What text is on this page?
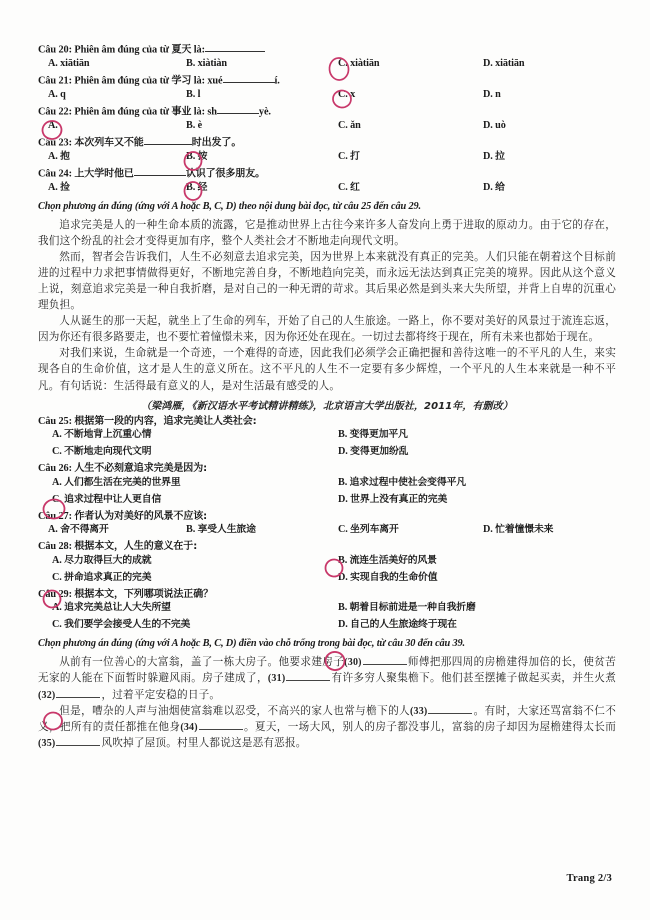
Câu 20: Phiên âm đúng của từ 夏天 là:
A. xiātiān	B. xiàtiàn	C. xiàtiān	D. xiātiān
Câu 21: Phiên âm đúng của từ 学习 là: xué	í.
A. q	B. l	C. x	D. n
Câu 22: Phiên âm đúng của từ 事业 là: sh	yè.
A.	B. è	C. ǎn	D. uò
Câu 23: 本次列车又不能	时出发了。
A. 抱	B. 按	C. 打	D. 拉
Câu 24: 上大学时他已	认识了很多朋友。
A. 捡	B. 经	C. 红	D. 给
Chọn phương án đúng (ứng với A hoặc B, C, D) theo nội dung bài đọc, từ câu 25 đến câu 29.

追求完美是人的一种生命本质的流露，它是推动世界上古往今来许多人奋发向上勇于进取的原动力。由于它的存在，我们这个纷乱的社会才变得更加有序，整个人类社会才不断地走向现代文明。

然而，智者会告诉我们，人生不必刻意去追求完美，因为世界上本来就没有真正的完美。人们只能在朝着这个目标前进的过程中力求把事情做得更好，不断地完善自身，不断地趋向完美，而永远无法达到真正完美的境界。因此从这个意义上说，刻意追求完美是一种自我折磨，是对自己的一种无谓的苛求。其后果必然是到头来大失所望，并背上自卑的沉重心理负担。

人从诞生的那一天起，就坐上了生命的列车，开始了自己的人生旅途。一路上，你不要对美好的风景过于流连忘返，因为你还有很多路要走，也不要忙着憧憬未来，因为你还处在现在。一切过去都将终于现在，所有未来也都始于现在。

对我们来说，生命就是一个奇迹，一个难得的奇迹，因此我们必须学会正确把握和善待这唯一的不平凡的人生，来实现各自的生命价值，这才是人生的意义所在。这不平凡的人生不一定要有多少辉煌，一个平凡的人生本来就是一种不平凡。有句话说：生活得最有意义的人，是对生活最有感受的人。

（梁鸿雁，《新汉语水平考试精讲精练》，北京语言大学出版社，2011年，有删改）
Câu 25: 根据第一段的内容，追求完美让人类社会:
A. 不断地背上沉重心情	B. 变得更加平凡
C. 不断地走向现代文明	D. 变得更加纷乱
Câu 26: 人生不必刻意追求完美是因为:
A. 人们都生活在完美的世界里	B. 追求过程中使社会变得平凡
C. 追求过程中让人更自信	D. 世界上没有真正的完美
Câu 27: 作者认为对美好的风景不应该:
A. 舍不得离开	B. 享受人生旅途	C. 坐列车离开	D. 忙着憧憬未来
Câu 28: 根据本文，人生的意义在于:
A. 尽力取得巨大的成就	B. 流连生活美好的风景
C. 拼命追求真正的完美	D. 实现自我的生命价值
Câu 29: 根据本文，下列哪项说法正确？
A. 追求完美总让人大失所望	B. 朝着目标前进是一种自我折磨
C. 我们要学会接受人生的不完美	D. 自己的人生旅途终于现在
Chọn phương án đúng (ứng với A hoặc B, C, D) điền vào chỗ trống trong bài đọc, từ câu 30 đến câu 39.

从前有一位善心的大富翁，盖了一栋大房子。他要求建房子(30)	师傅把那四周的房檐建得加倍的长，使贫苦无家的人能在下面暂时躲避风雨。房子建成了，(31)	有许多穷人聚集檐下。他们甚至摆摊子做起买卖，并生火煮(32)	，过着平定安稳的日子。

但是，嘈杂的人声与油烟使富翁难以忍受，不高兴的家人也常与檐下的人(33)	。有时，大家还骂富翁不仁不义，把所有的责任都推在他身(34)	。夏天，一场大风，别人的房子都没事儿，富翁的房子却因为屋檐建得太长而(35)	风吹掉了屋顶。村里人都说这是恶有恶报。

Trang 2/3
